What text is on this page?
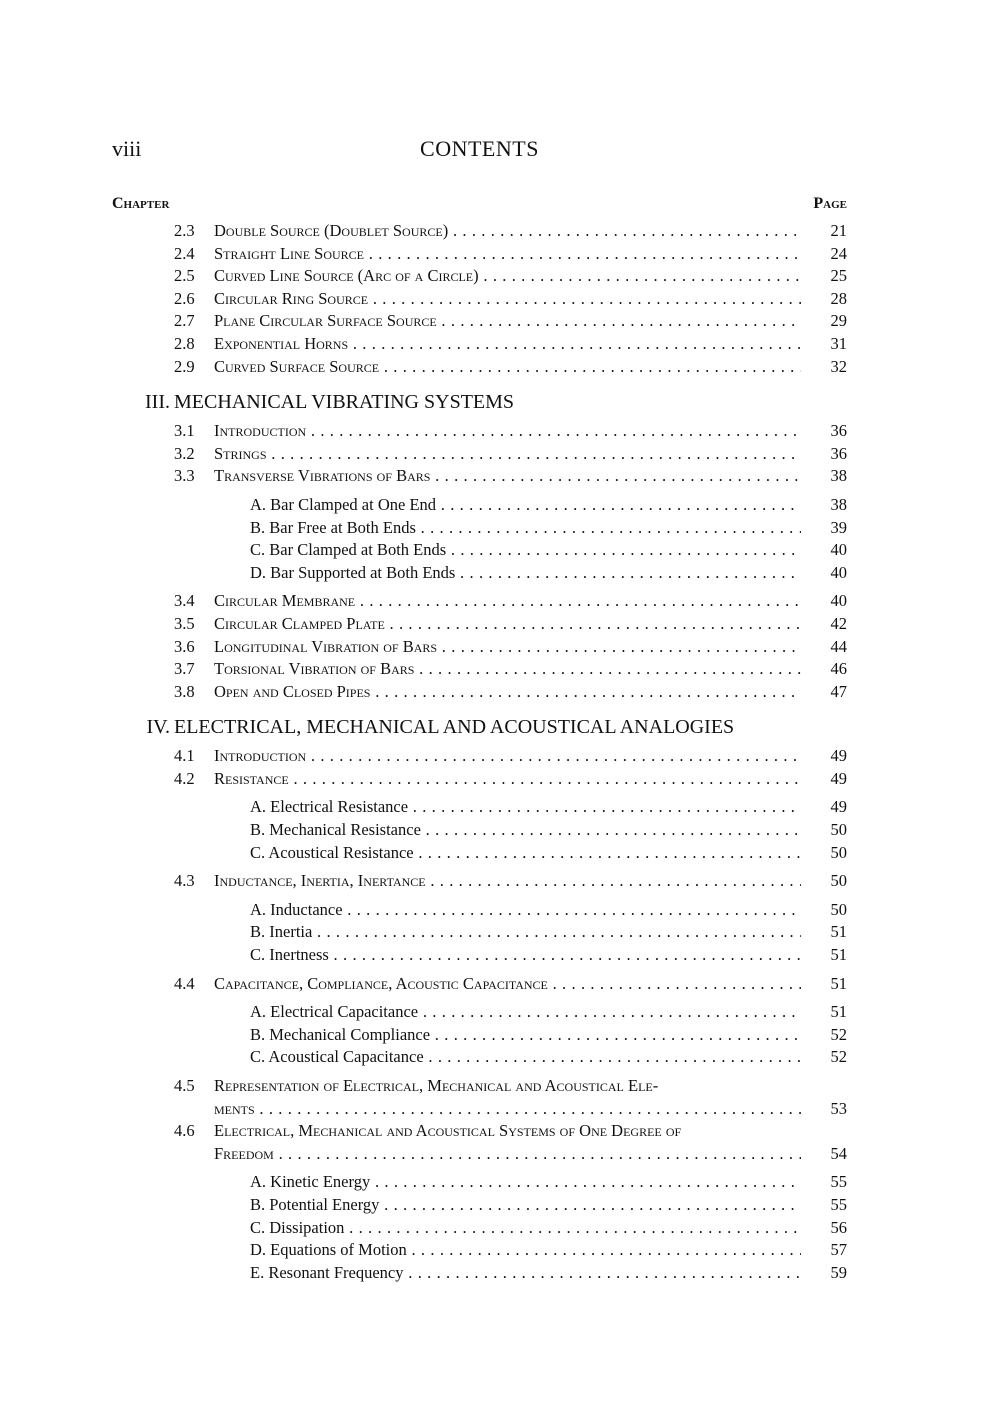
viii	CONTENTS
Chapter	Page
2.3	Double Source (Doublet Source) . . .	21
2.4	Straight Line Source . . .	24
2.5	Curved Line Source (Arc of a Circle) . . .	25
2.6	Circular Ring Source . . .	28
2.7	Plane Circular Surface Source . . .	29
2.8	Exponential Horns . . .	31
2.9	Curved Surface Source . . .	32
III. MECHANICAL VIBRATING SYSTEMS
3.1	Introduction . . .	36
3.2	Strings . . .	36
3.3	Transverse Vibrations of Bars . . .	38
A. Bar Clamped at One End . . .	38
B. Bar Free at Both Ends . . .	39
C. Bar Clamped at Both Ends . . .	40
D. Bar Supported at Both Ends . . .	40
3.4	Circular Membrane . . .	40
3.5	Circular Clamped Plate . . .	42
3.6	Longitudinal Vibration of Bars . . .	44
3.7	Torsional Vibration of Bars . . .	46
3.8	Open and Closed Pipes . . .	47
IV. ELECTRICAL, MECHANICAL AND ACOUSTICAL ANALOGIES
4.1	Introduction . . .	49
4.2	Resistance . . .	49
A. Electrical Resistance . . .	49
B. Mechanical Resistance . . .	50
C. Acoustical Resistance . . .	50
4.3	Inductance, Inertia, Inertance . . .	50
A. Inductance . . .	50
B. Inertia . . .	51
C. Inertness . . .	51
4.4	Capacitance, Compliance, Acoustic Capacitance . . .	51
A. Electrical Capacitance . . .	51
B. Mechanical Compliance . . .	52
C. Acoustical Capacitance . . .	52
4.5	Representation of Electrical, Mechanical and Acoustical Ele-
ments . . .	53
4.6	Electrical, Mechanical and Acoustical Systems of One Degree of
Freedom . . .	54
A. Kinetic Energy . . .	55
B. Potential Energy . . .	55
C. Dissipation . . .	56
D. Equations of Motion . . .	57
E. Resonant Frequency . . .	59
